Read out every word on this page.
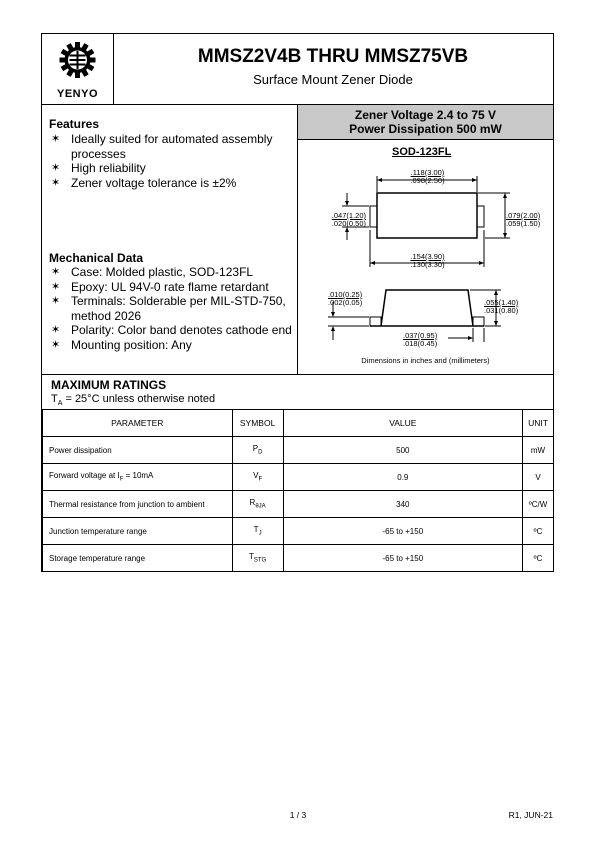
YENYO
MMSZ2V4B THRU MMSZ75VB
Surface Mount Zener Diode
Features
✶ Ideally suited for automated assembly processes
✶ High reliability
✶ Zener voltage tolerance is ±2%
Mechanical Data
✶ Case: Molded plastic, SOD-123FL
✶ Epoxy: UL 94V-0 rate flame retardant
✶ Terminals: Solderable per MIL-STD-750, method 2026
✶ Polarity: Color band denotes cathode end
✶ Mounting position: Any
Zener Voltage 2.4 to 75 V
Power Dissipation 500 mW
SOD-123FL
.118(3.00)
.098(2.50)
.047(1.20)
.020(0.50)
.079(2.00)
.059(1.50)
.154(3.90)
.130(3.30)
.010(0.25)
.002(0.05)	.055(1.40)
.031(0.80)
.037(0.95)
.018(0.45)
Dimensions in inches and (millimeters)
MAXIMUM RATINGS
$T_A = 25^\circ C$ unless otherwise noted
PARAMETER	SYMBOL	VALUE	UNIT
Power dissipation	$P_D$	500	mW
Forward voltage at $I_F = 10mA$	$V_F$	0.9	V
Thermal resistance from junction to ambient	$R_{\theta JA}$	340	ºC/W
Junction temperature range	$T_J$	-65 to +150	ºC
Storage temperature range	$T_{STG}$	-65 to +150	ºC
1 / 3	R1, JUN-21
